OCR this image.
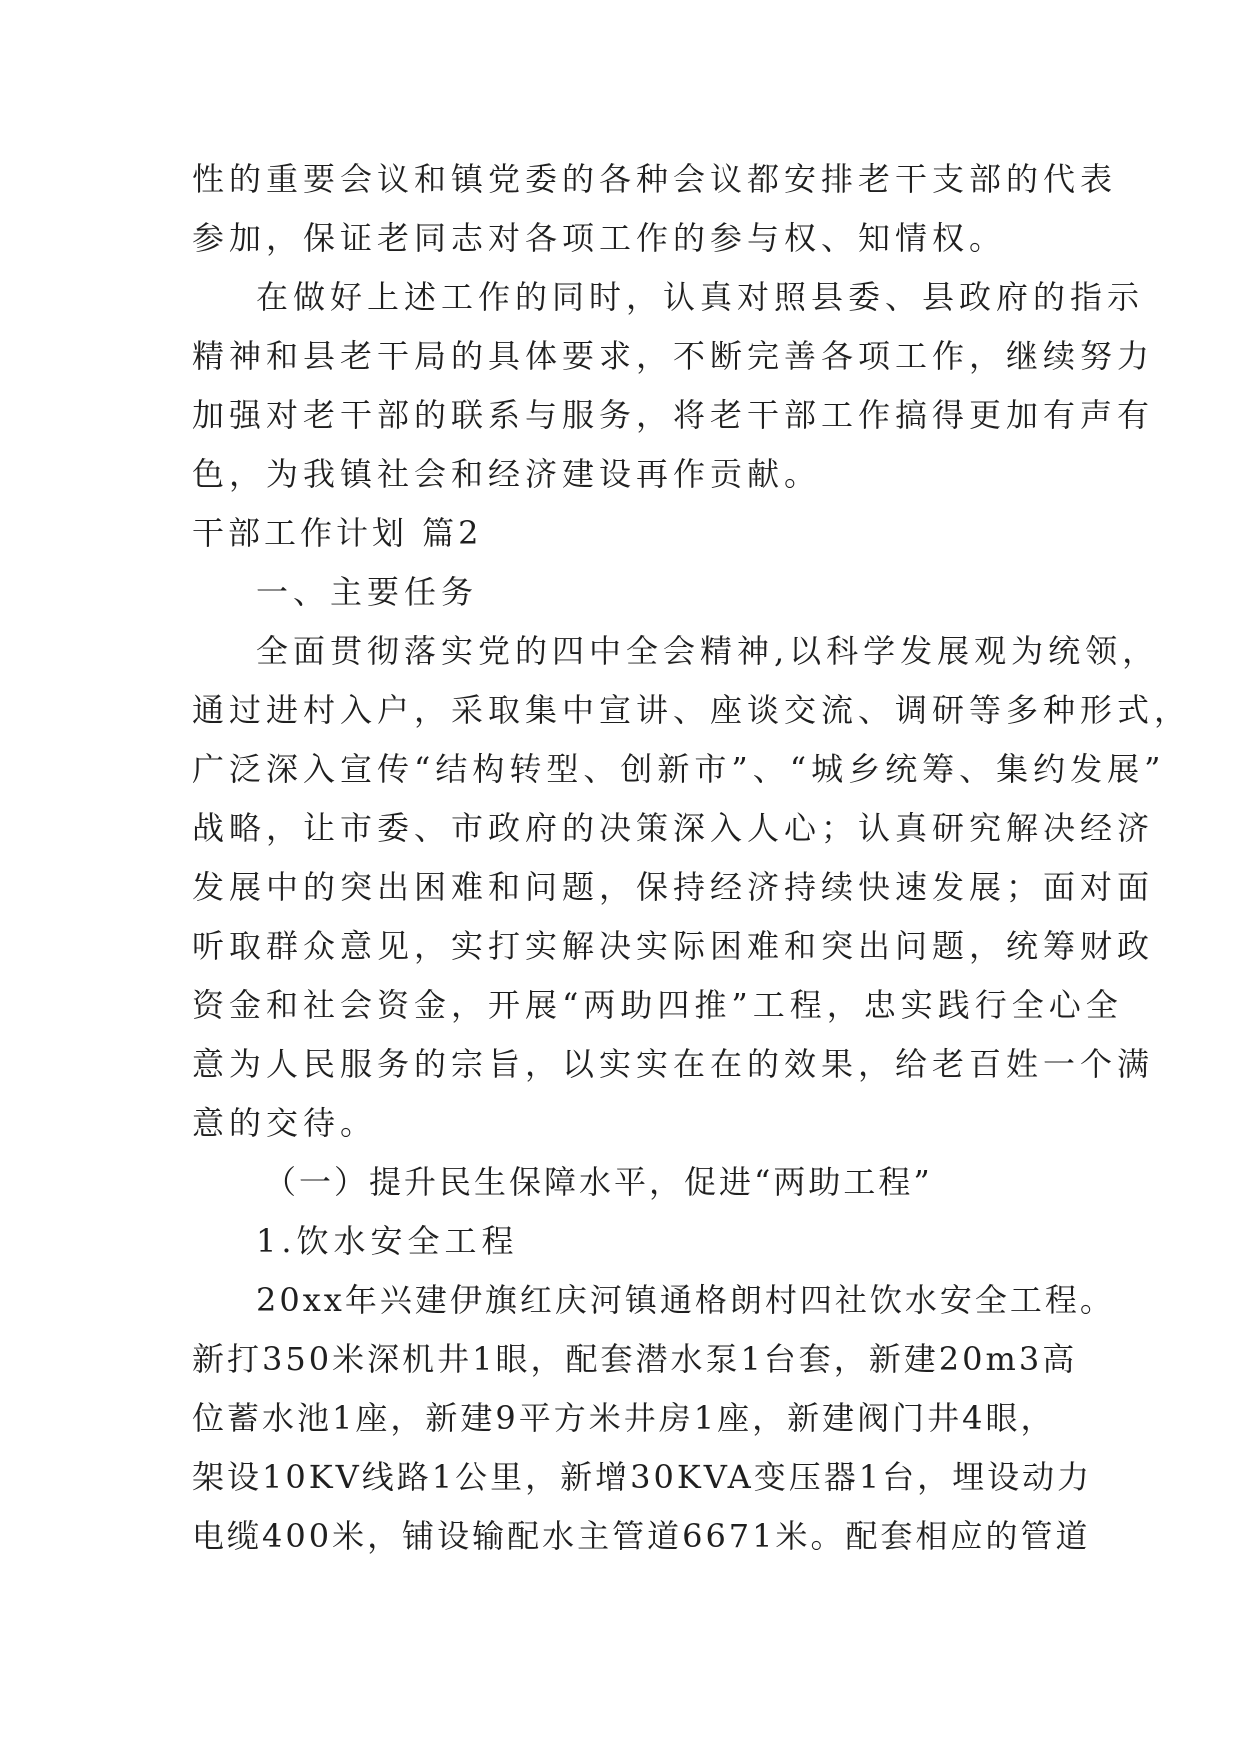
性的重要会议和镇党委的各种会议都安排老干支部的代表
参加，保证老同志对各项工作的参与权、知情权。
在做好上述工作的同时，认真对照县委、县政府的指示
精神和县老干局的具体要求，不断完善各项工作，继续努力
加强对老干部的联系与服务，将老干部工作搞得更加有声有
色，为我镇社会和经济建设再作贡献。
干部工作计划 篇2
一、主要任务
全面贯彻落实党的四中全会精神,以科学发展观为统领，
通过进村入户，采取集中宣讲、座谈交流、调研等多种形式，
广泛深入宣传“结构转型、创新市”、“城乡统筹、集约发展”
战略，让市委、市政府的决策深入人心；认真研究解决经济
发展中的突出困难和问题，保持经济持续快速发展；面对面
听取群众意见，实打实解决实际困难和突出问题，统筹财政
资金和社会资金，开展“两助四推”工程，忠实践行全心全
意为人民服务的宗旨，以实实在在的效果，给老百姓一个满
意的交待。
（一）提升民生保障水平，促进“两助工程”
1.饮水安全工程
20xx年兴建伊旗红庆河镇通格朗村四社饮水安全工程。
新打350米深机井1眼，配套潜水泵1台套，新建20m3高
位蓄水池1座，新建9平方米井房1座，新建阀门井4眼，
架设10KV线路1公里，新增30KVA变压器1台，埋设动力
电缆400米，铺设输配水主管道6671米。配套相应的管道
